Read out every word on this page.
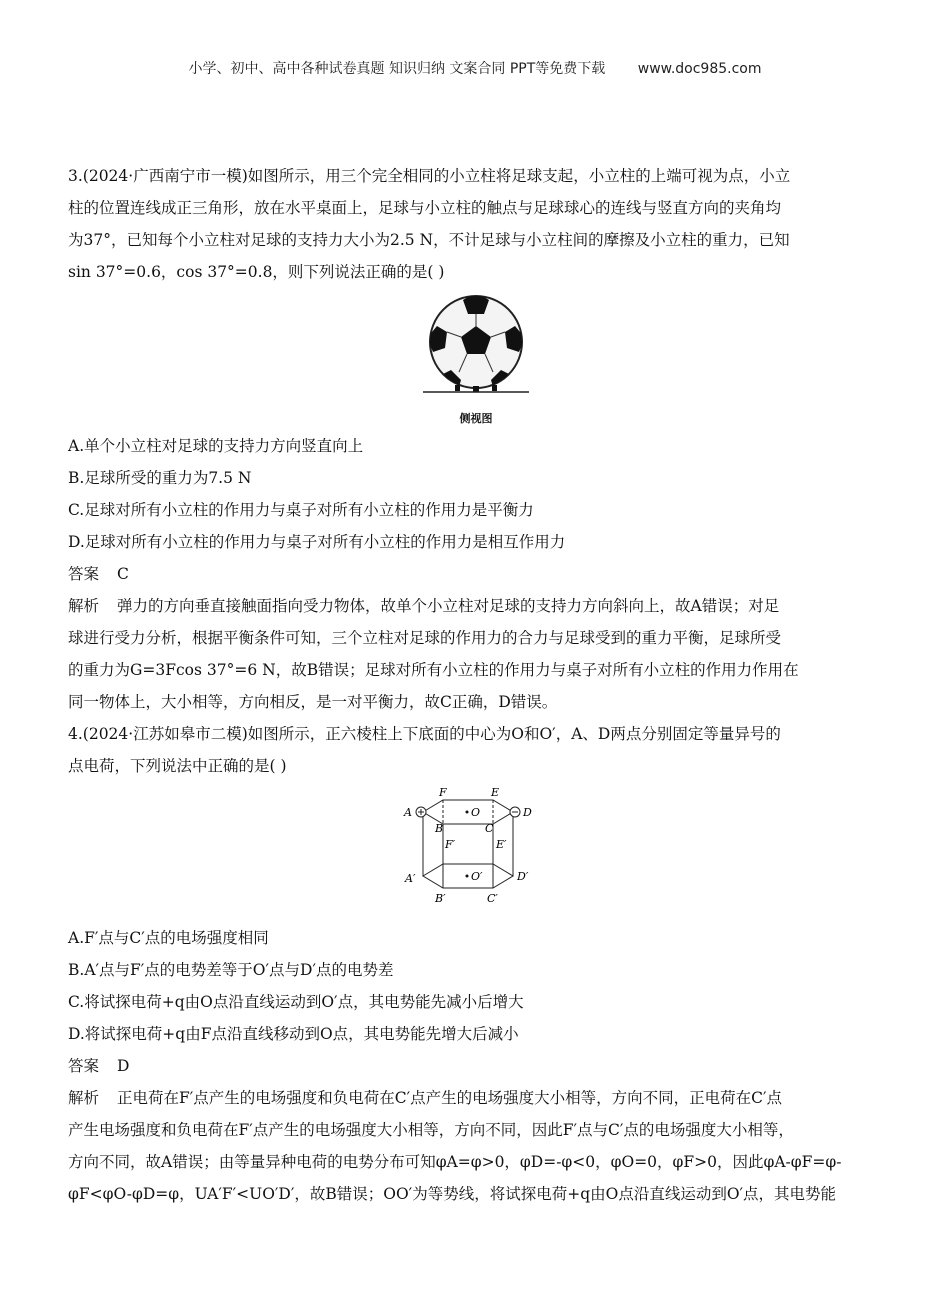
小学、初中、高中各种试卷真题 知识归纳 文案合同 PPT等免费下载 www.doc985.com

3.(2024·广西南宁市一模)如图所示，用三个完全相同的小立柱将足球支起，小立柱的上端可视为点，小立

柱的位置连线成正三角形，放在水平桌面上，足球与小立柱的触点与足球球心的连线与竖直方向的夹角均

为37°，已知每个小立柱对足球的支持力大小为2.5 N，不计足球与小立柱间的摩擦及小立柱的重力，已知

sin 37°=0.6，cos 37°=0.8，则下列说法正确的是( )

侧视图

A.单个小立柱对足球的支持力方向竖直向上

B.足球所受的重力为7.5 N

C.足球对所有小立柱的作用力与桌子对所有小立柱的作用力是平衡力

D.足球对所有小立柱的作用力与桌子对所有小立柱的作用力是相互作用力

答案 C

解析 弹力的方向垂直接触面指向受力物体，故单个小立柱对足球的支持力方向斜向上，故A错误；对足

球进行受力分析，根据平衡条件可知，三个立柱对足球的作用力的合力与足球受到的重力平衡，足球所受

的重力为G=3Fcos 37°=6 N，故B错误；足球对所有小立柱的作用力与桌子对所有小立柱的作用力作用在

同一物体上，大小相等，方向相反，是一对平衡力，故C正确，D错误。

4.(2024·江苏如皋市二模)如图所示，正六棱柱上下底面的中心为O和O′，A、D两点分别固定等量异号的

点电荷，下列说法中正确的是( )

A
F	E
D
O
B	C
F′	E′
A′	D′
O′
B′	C′

A.F′点与C′点的电场强度相同

B.A′点与F′点的电势差等于O′点与D′点的电势差

C.将试探电荷+q由O点沿直线运动到O′点，其电势能先减小后增大

D.将试探电荷+q由F点沿直线移动到O点，其电势能先增大后减小

答案 D

解析 正电荷在F′点产生的电场强度和负电荷在C′点产生的电场强度大小相等，方向不同，正电荷在C′点

产生电场强度和负电荷在F′点产生的电场强度大小相等，方向不同，因此F′点与C′点的电场强度大小相等，

方向不同，故A错误；由等量异种电荷的电势分布可知φA=φ>0，φD=-φ<0，φO=0，φF>0，因此φA-φF=φ-

φF<φO-φD=φ，UA′F′<UO′D′，故B错误；OO′为等势线，将试探电荷+q由O点沿直线运动到O′点，其电势能
